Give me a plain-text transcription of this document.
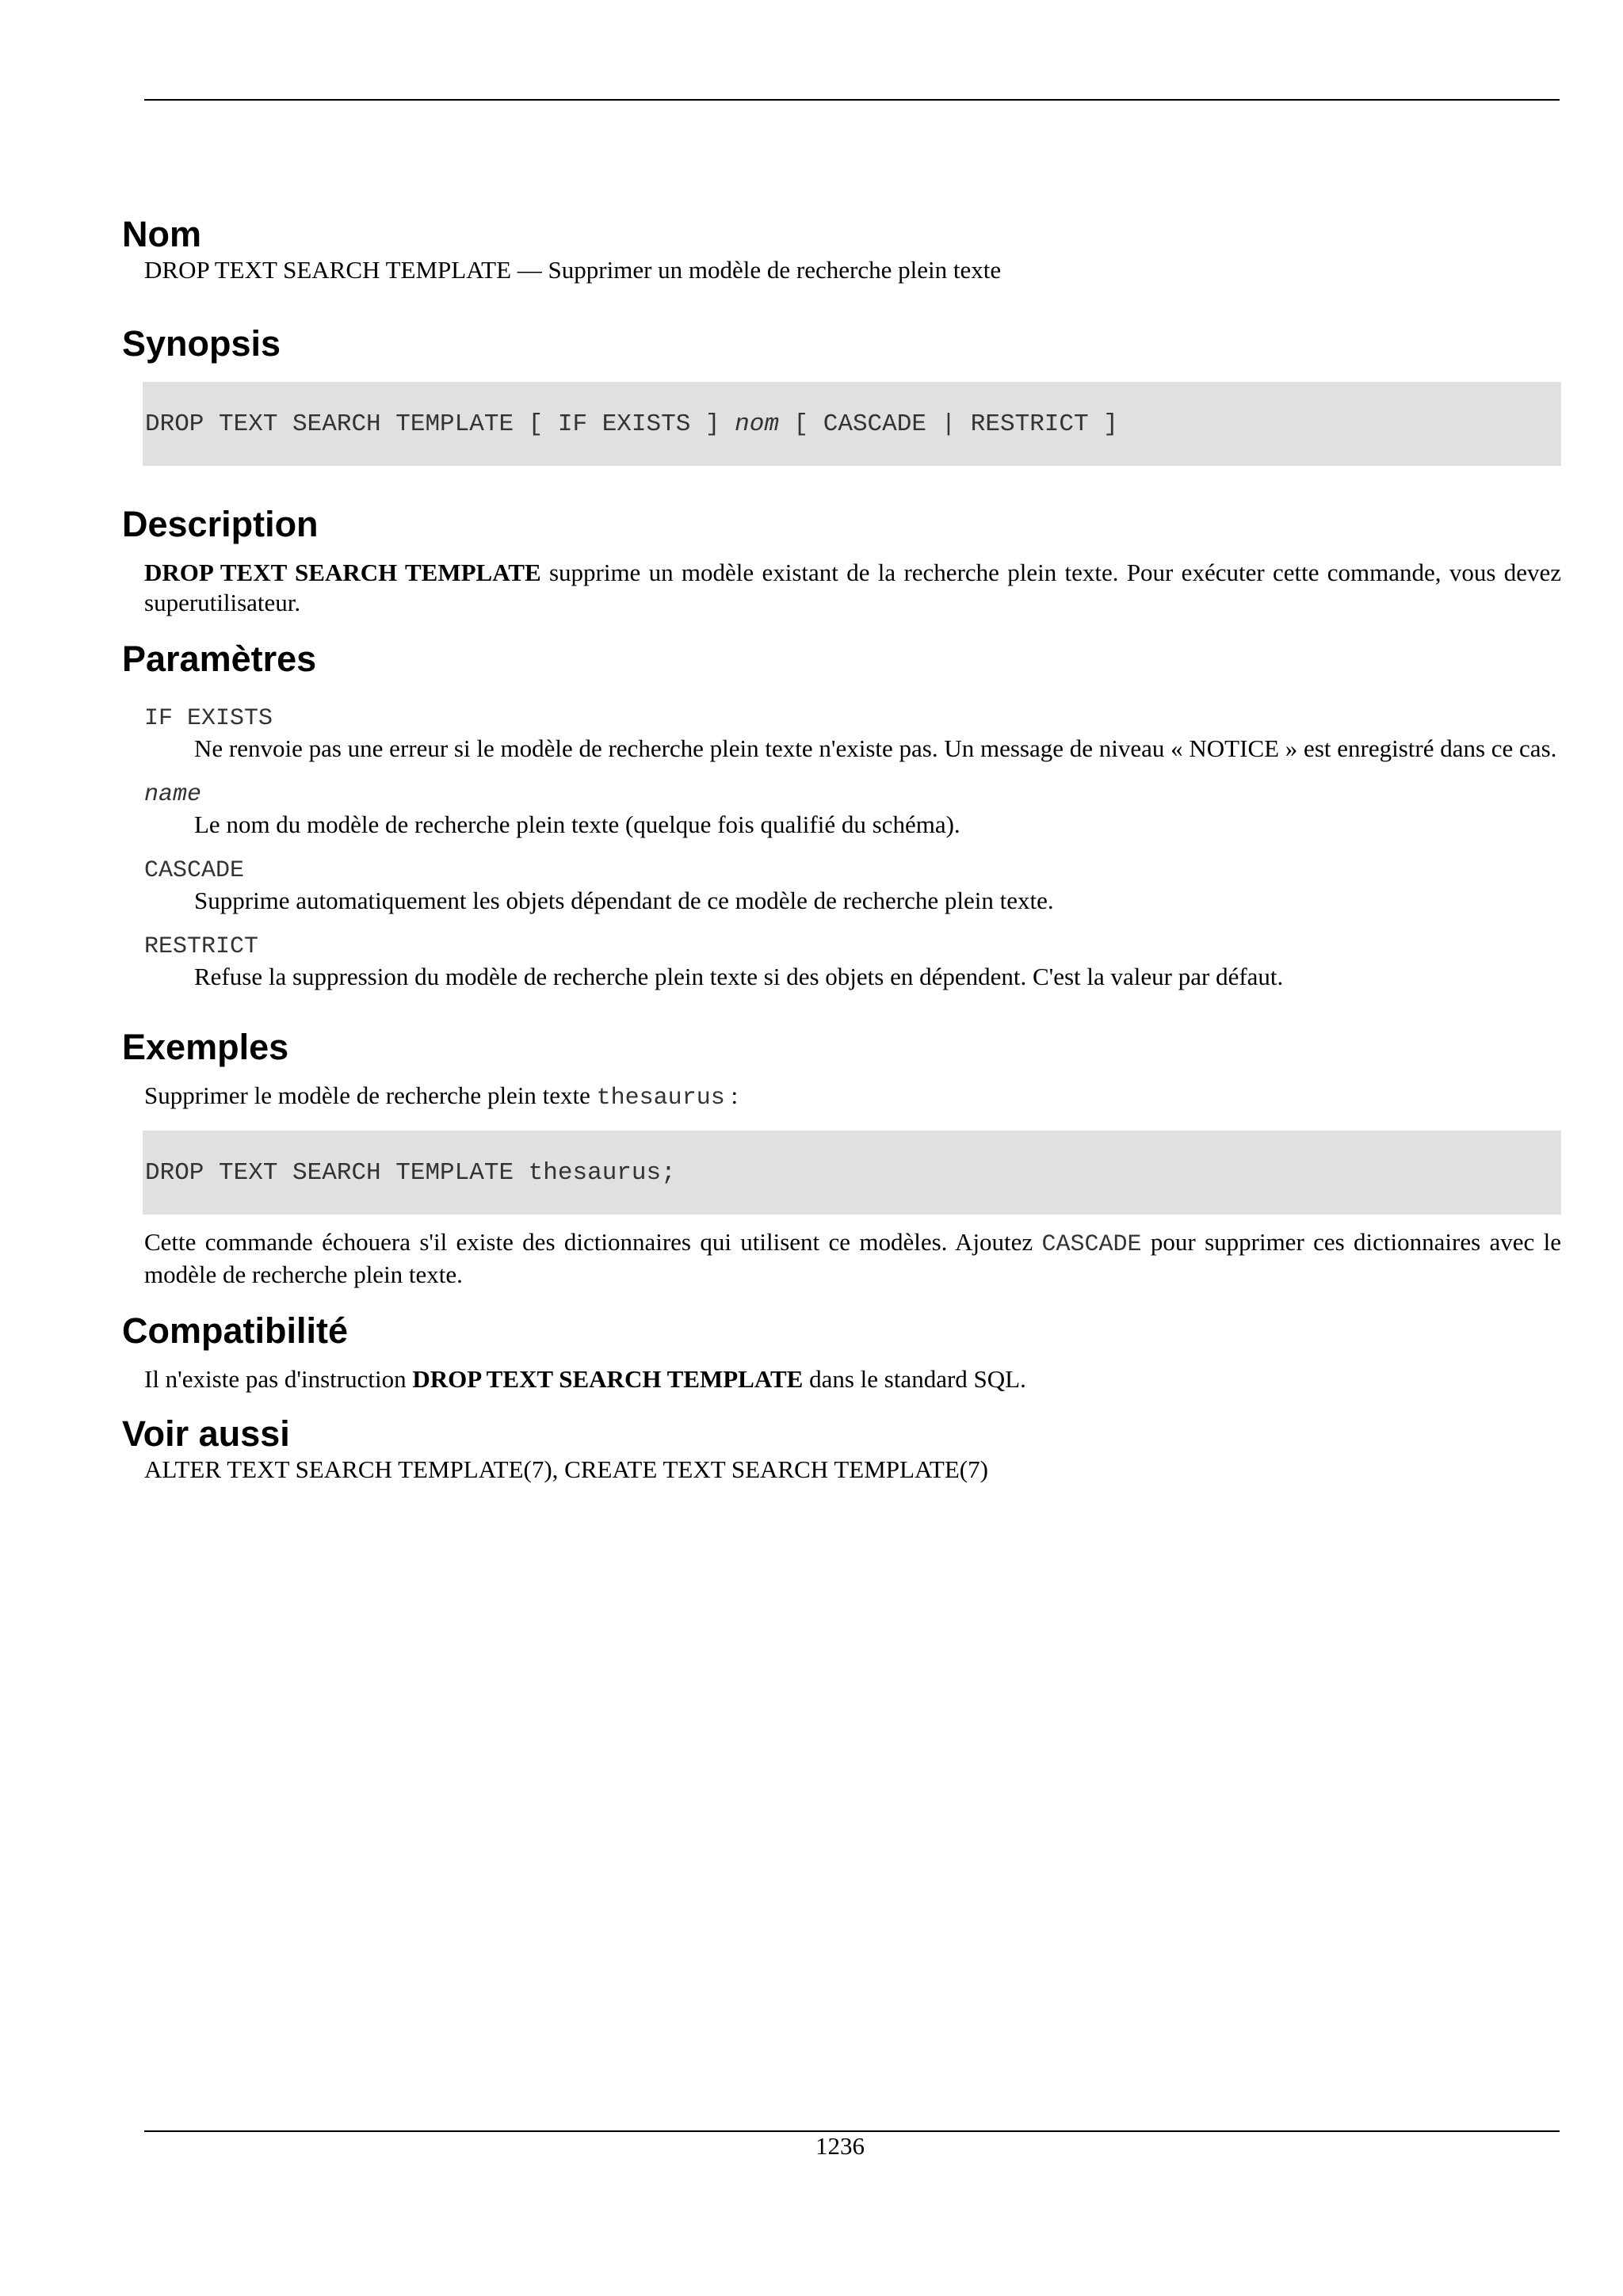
Nom
DROP TEXT SEARCH TEMPLATE — Supprimer un modèle de recherche plein texte
Synopsis
DROP TEXT SEARCH TEMPLATE [ IF EXISTS ] nom [ CASCADE | RESTRICT ]
Description
DROP TEXT SEARCH TEMPLATE supprime un modèle existant de la recherche plein texte. Pour exécuter cette commande, vous devez superutilisateur.
Paramètres
IF EXISTS
Ne renvoie pas une erreur si le modèle de recherche plein texte n'existe pas. Un message de niveau « NOTICE » est enregistré dans ce cas.
name
Le nom du modèle de recherche plein texte (quelque fois qualifié du schéma).
CASCADE
Supprime automatiquement les objets dépendant de ce modèle de recherche plein texte.
RESTRICT
Refuse la suppression du modèle de recherche plein texte si des objets en dépendent. C'est la valeur par défaut.
Exemples
Supprimer le modèle de recherche plein texte thesaurus :
DROP TEXT SEARCH TEMPLATE thesaurus;
Cette commande échouera s'il existe des dictionnaires qui utilisent ce modèles. Ajoutez CASCADE pour supprimer ces dictionnaires avec le modèle de recherche plein texte.
Compatibilité
Il n'existe pas d'instruction DROP TEXT SEARCH TEMPLATE dans le standard SQL.
Voir aussi
ALTER TEXT SEARCH TEMPLATE(7), CREATE TEXT SEARCH TEMPLATE(7)
1236
